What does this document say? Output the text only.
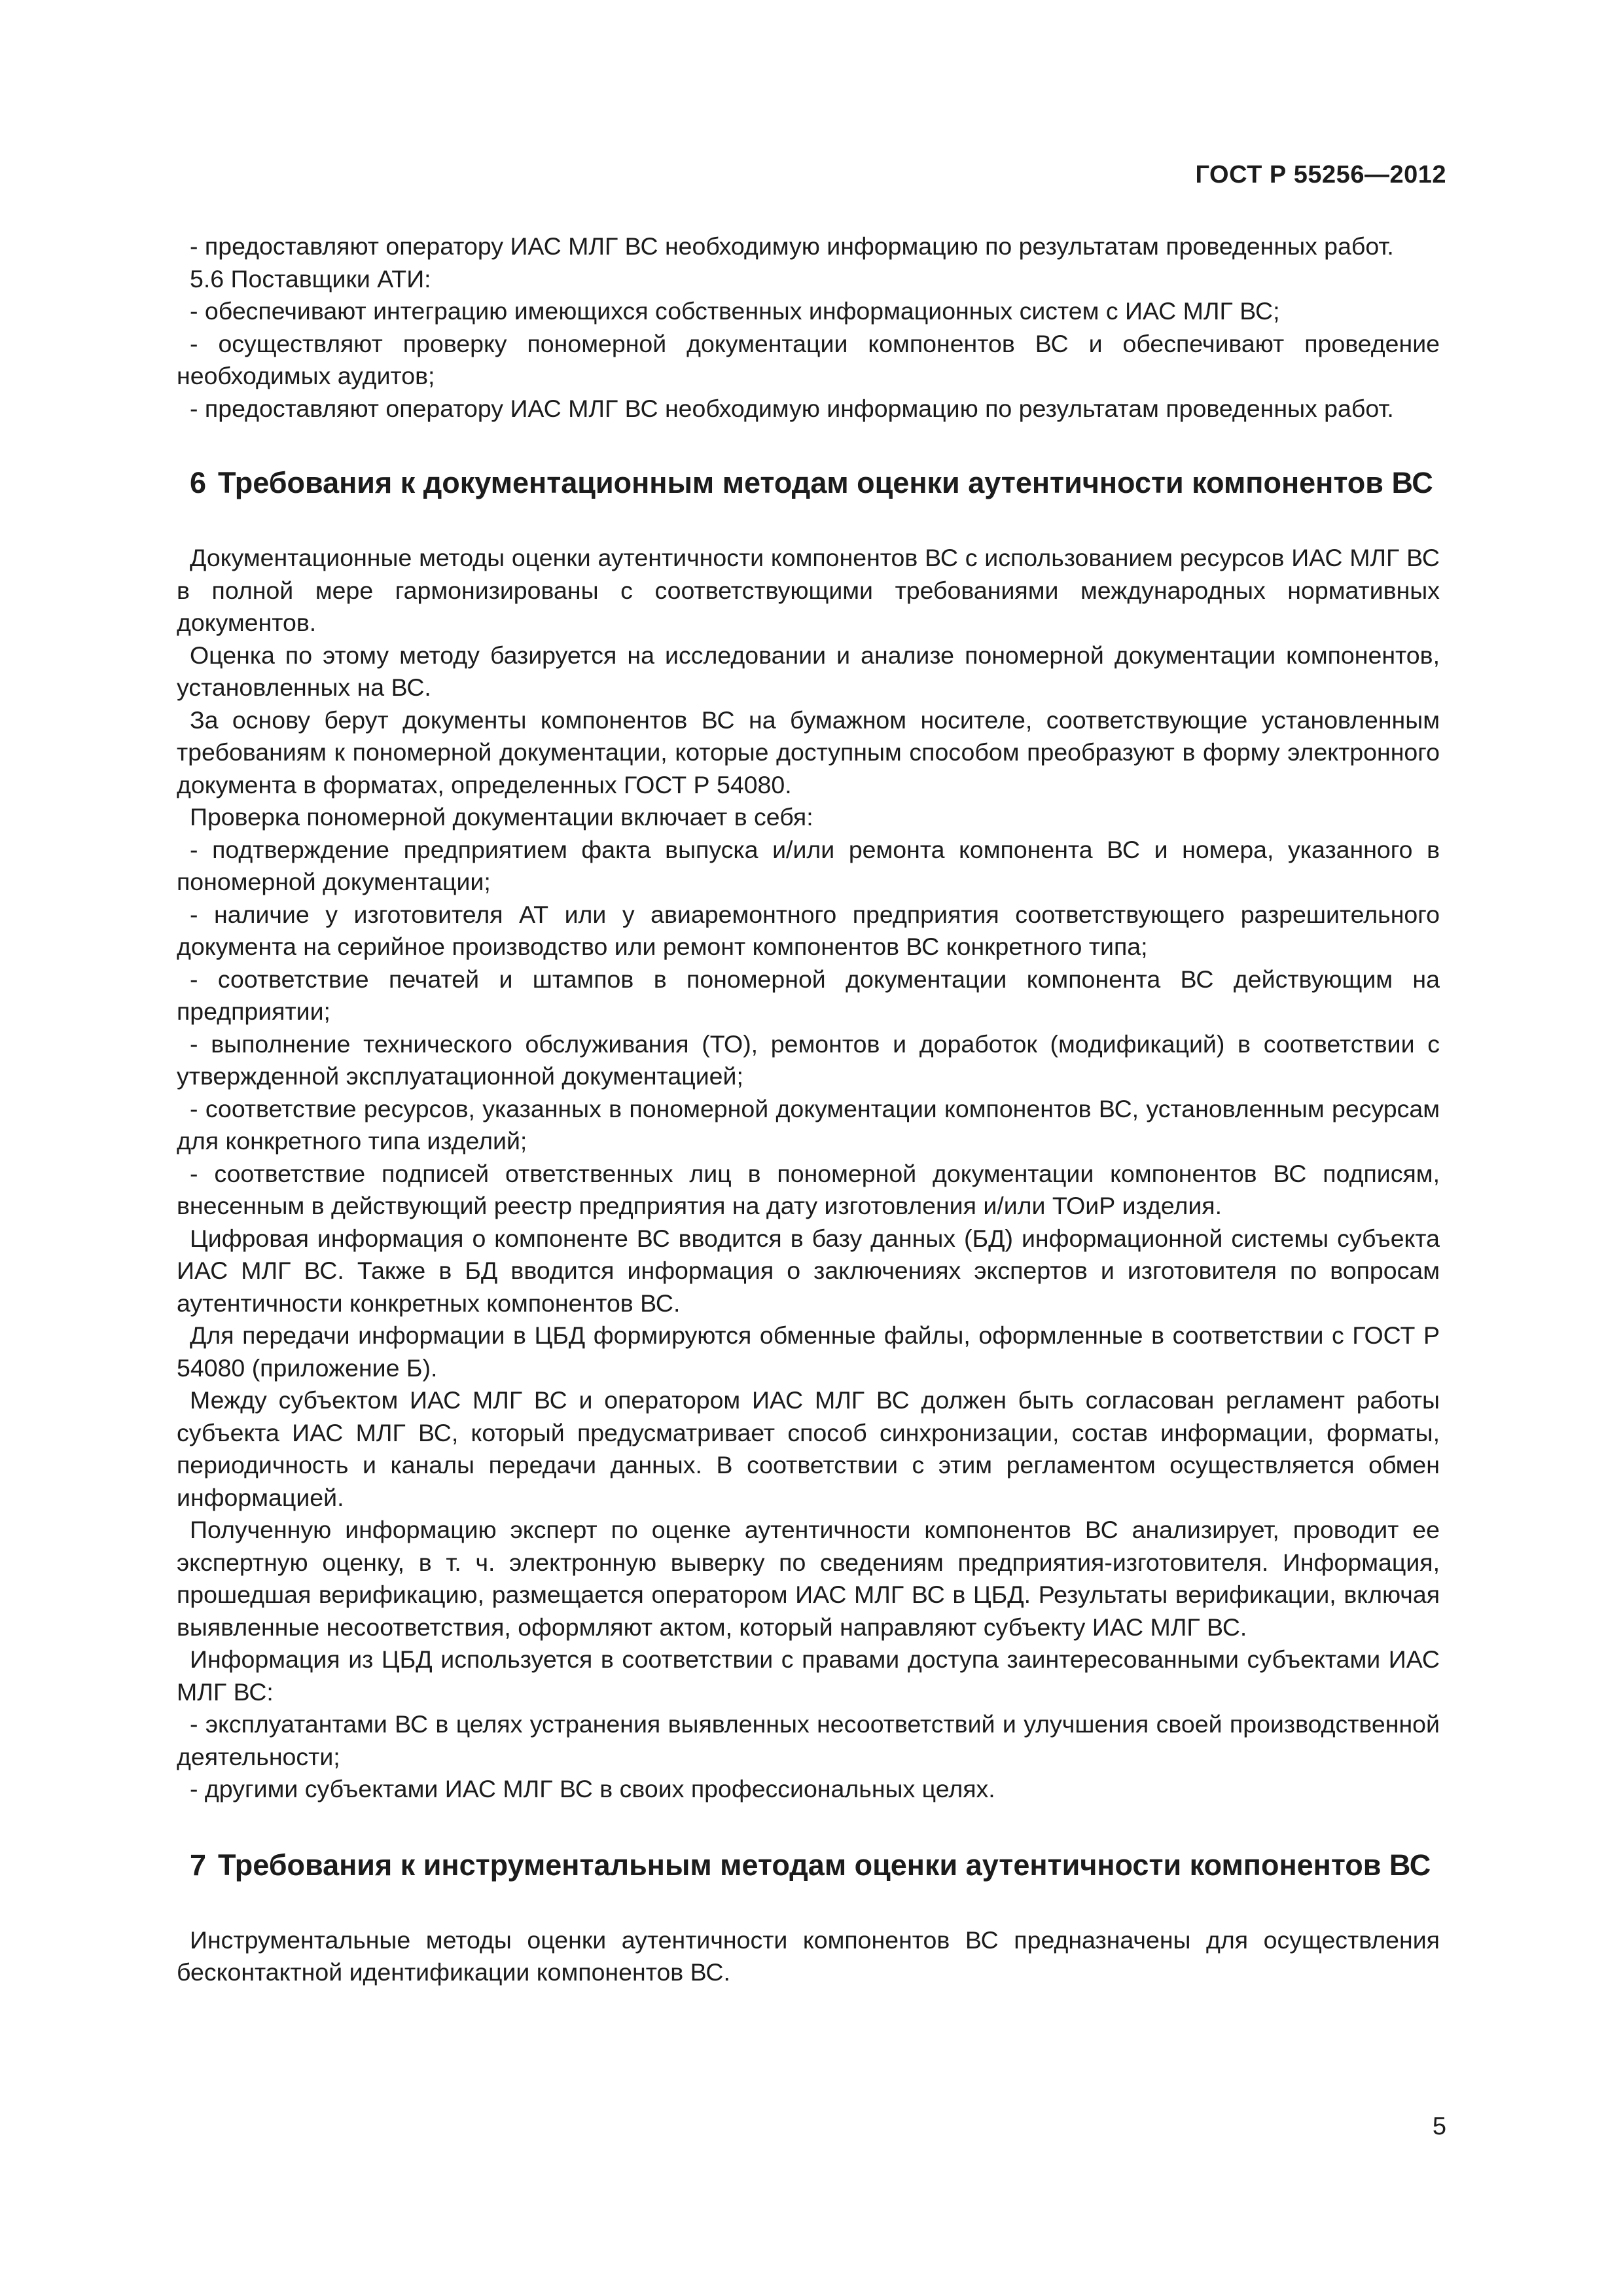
ГОСТ Р 55256—2012

- предоставляют оператору ИАС МЛГ ВС необходимую информацию по результатам проведенных работ.

5.6 Поставщики АТИ:

- обеспечивают интеграцию имеющихся собственных информационных систем с ИАС МЛГ ВС;

- осуществляют проверку пономерной документации компонентов ВС и обеспечивают проведение необходимых аудитов;

- предоставляют оператору ИАС МЛГ ВС необходимую информацию по результатам проведенных работ.

6 Требования к документационным методам оценки аутентичности компонентов ВС

Документационные методы оценки аутентичности компонентов ВС с использованием ресурсов ИАС МЛГ ВС в полной мере гармонизированы с соответствующими требованиями международных нормативных документов.

Оценка по этому методу базируется на исследовании и анализе пономерной документации компонентов, установленных на ВС.

За основу берут документы компонентов ВС на бумажном носителе, соответствующие установленным требованиям к пономерной документации, которые доступным способом преобразуют в форму электронного документа в форматах, определенных ГОСТ Р 54080.

Проверка пономерной документации включает в себя:

- подтверждение предприятием факта выпуска и/или ремонта компонента ВС и номера, указанного в пономерной документации;

- наличие у изготовителя АТ или у авиаремонтного предприятия соответствующего разрешительного документа на серийное производство или ремонт компонентов ВС конкретного типа;

- соответствие печатей и штампов в пономерной документации компонента ВС действующим на предприятии;

- выполнение технического обслуживания (ТО), ремонтов и доработок (модификаций) в соответствии с утвержденной эксплуатационной документацией;

- соответствие ресурсов, указанных в пономерной документации компонентов ВС, установленным ресурсам для конкретного типа изделий;

- соответствие подписей ответственных лиц в пономерной документации компонентов ВС подписям, внесенным в действующий реестр предприятия на дату изготовления и/или ТОиР изделия.

Цифровая информация о компоненте ВС вводится в базу данных (БД) информационной системы субъекта ИАС МЛГ ВС. Также в БД вводится информация о заключениях экспертов и изготовителя по вопросам аутентичности конкретных компонентов ВС.

Для передачи информации в ЦБД формируются обменные файлы, оформленные в соответствии с ГОСТ Р 54080 (приложение Б).

Между субъектом ИАС МЛГ ВС и оператором ИАС МЛГ ВС должен быть согласован регламент работы субъекта ИАС МЛГ ВС, который предусматривает способ синхронизации, состав информации, форматы, периодичность и каналы передачи данных. В соответствии с этим регламентом осуществляется обмен информацией.

Полученную информацию эксперт по оценке аутентичности компонентов ВС анализирует, проводит ее экспертную оценку, в т. ч. электронную выверку по сведениям предприятия-изготовителя. Информация, прошедшая верификацию, размещается оператором ИАС МЛГ ВС в ЦБД. Результаты верификации, включая выявленные несоответствия, оформляют актом, который направляют субъекту ИАС МЛГ ВС.

Информация из ЦБД используется в соответствии с правами доступа заинтересованными субъектами ИАС МЛГ ВС:

- эксплуатантами ВС в целях устранения выявленных несоответствий и улучшения своей производственной деятельности;

- другими субъектами ИАС МЛГ ВС в своих профессиональных целях.

7 Требования к инструментальным методам оценки аутентичности компонентов ВС

Инструментальные методы оценки аутентичности компонентов ВС предназначены для осуществления бесконтактной идентификации компонентов ВС.

5
